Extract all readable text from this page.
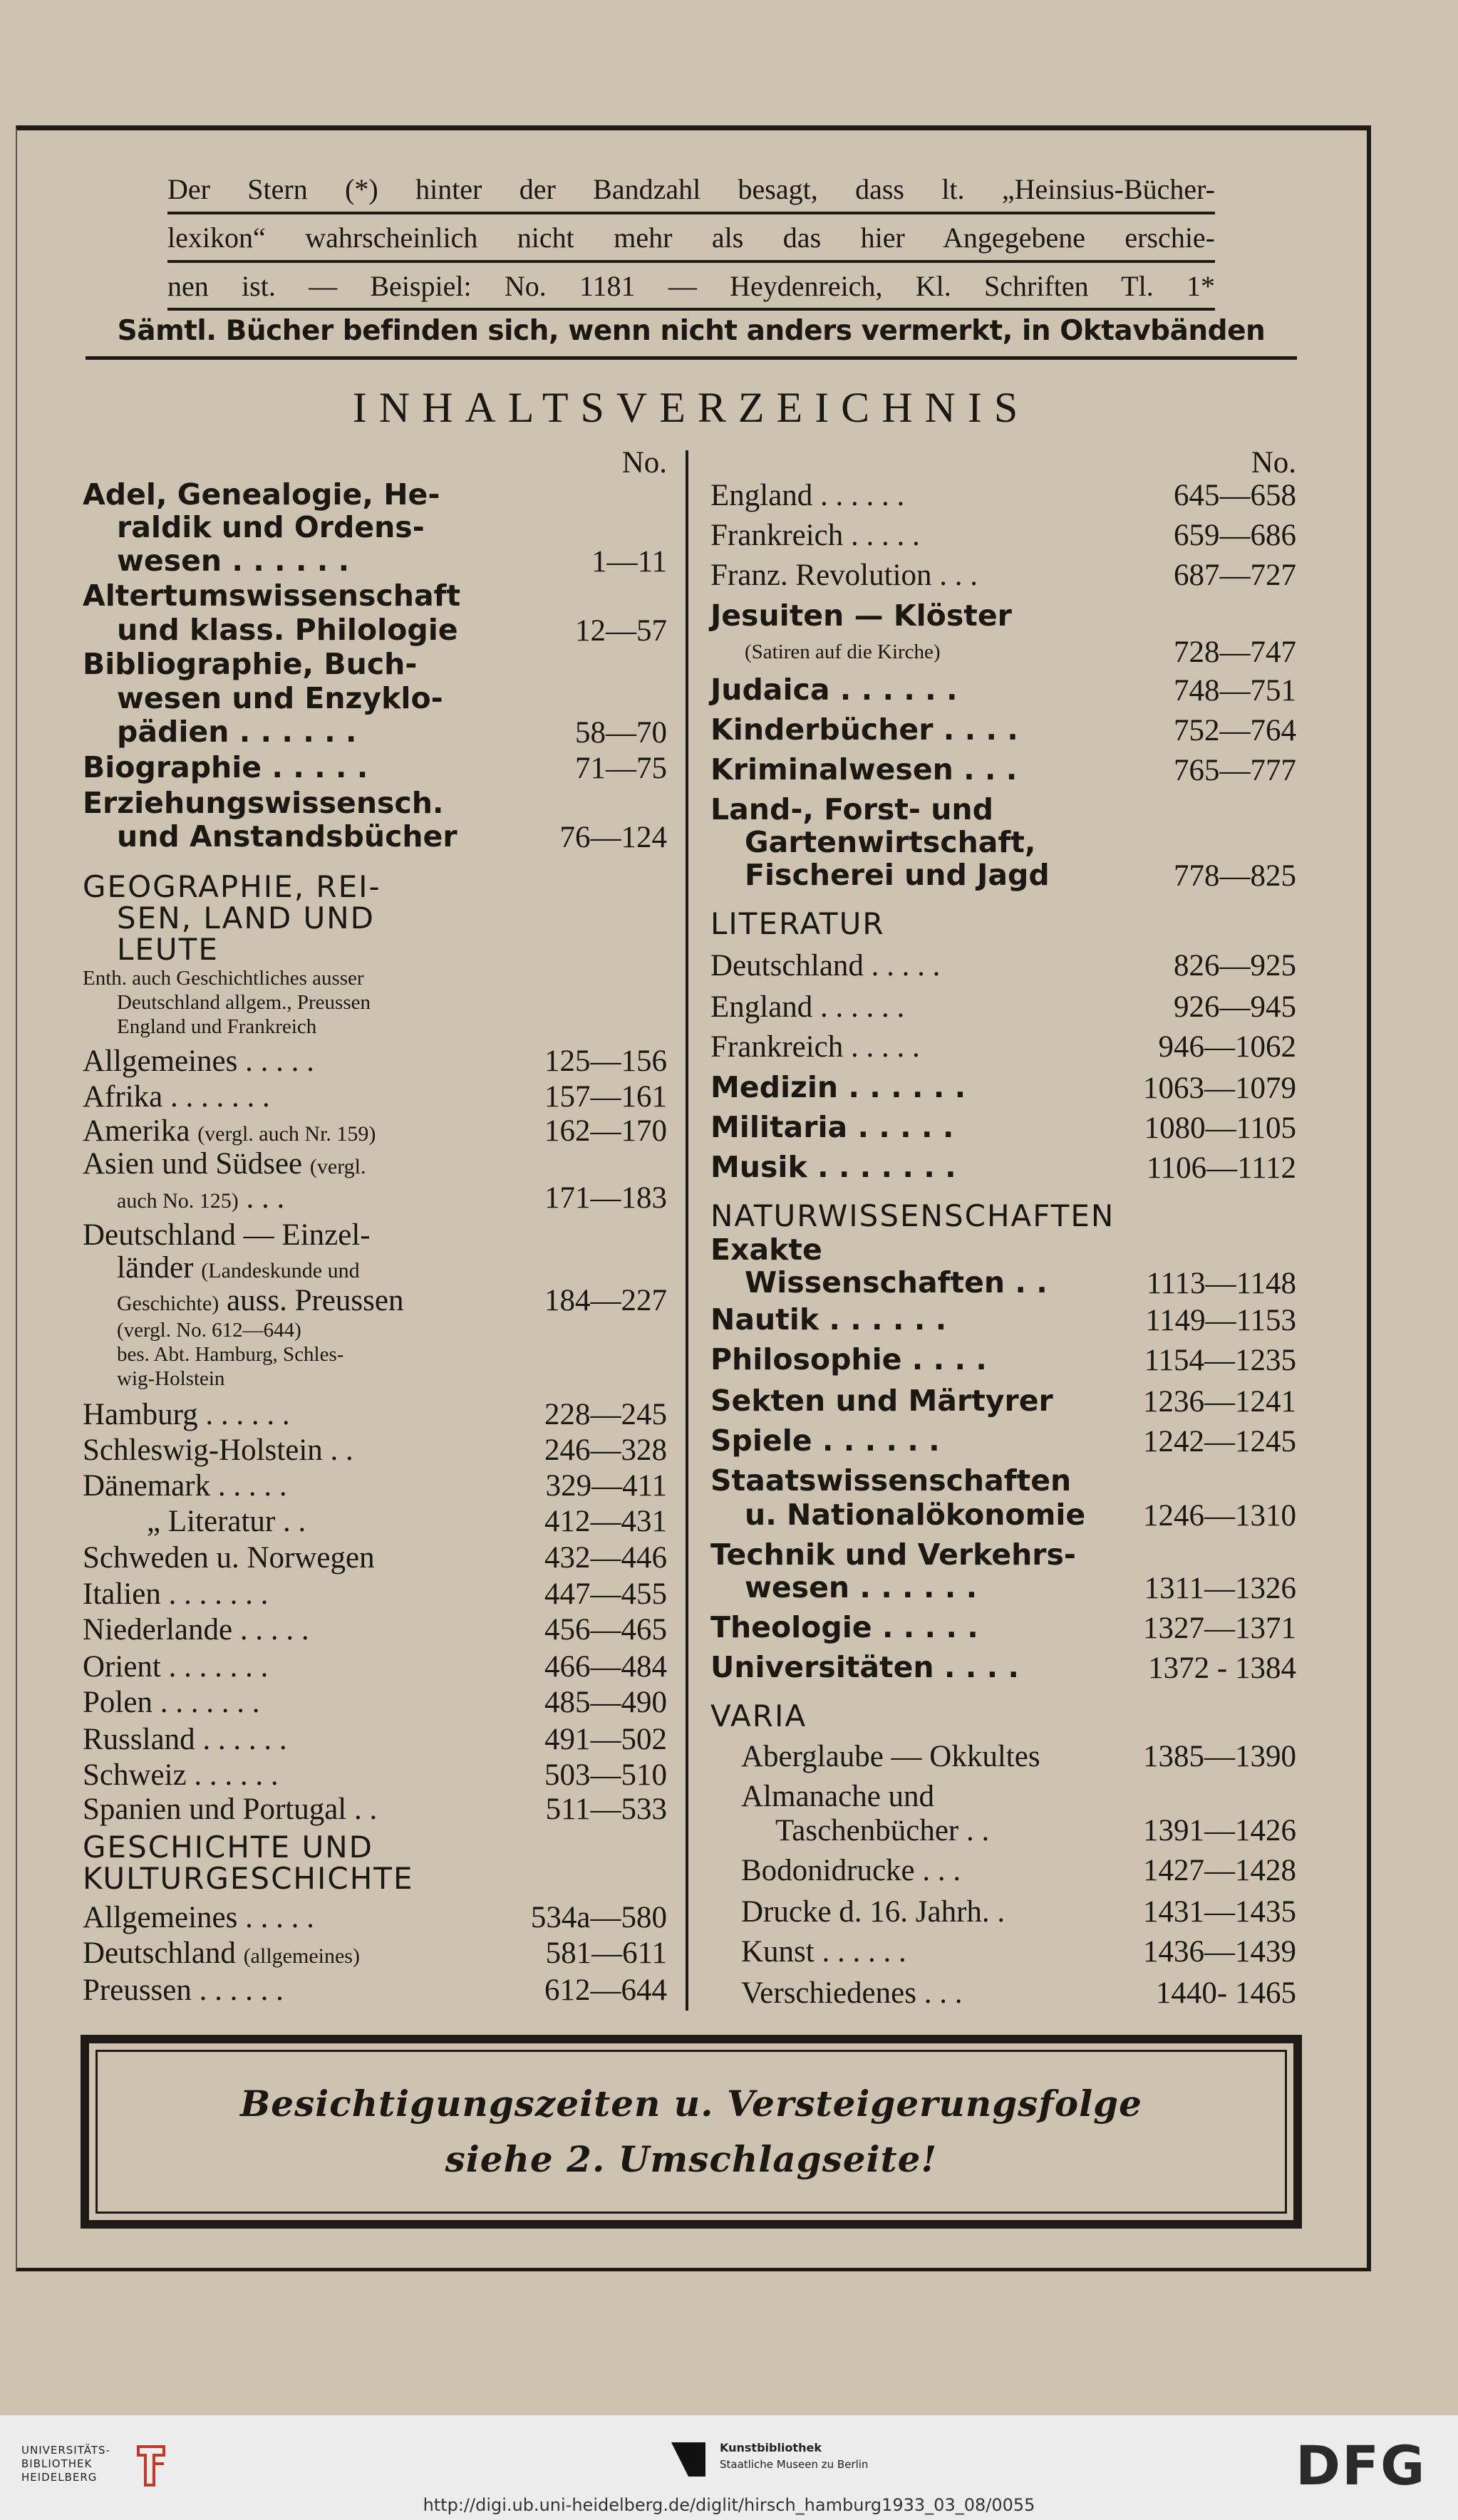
Der Stern (*) hinter der Bandzahl besagt, dass lt. „Heinsius-Bücher-
lexikon“ wahrscheinlich nicht mehr als das hier Angegebene erschie-
nen ist. — Beispiel: No. 1181 — Heydenreich, Kl. Schriften Tl. 1*
Sämtl. Bücher befinden sich, wenn nicht anders vermerkt, in Oktavbänden
INHALTSVERZEICHNIS
No.
Adel, Genealogie, He-
raldik und Ordens-
wesen . . . . . .	1—11
Altertumswissenschaft
und klass. Philologie	12—57
Bibliographie, Buch-
wesen und Enzyklo-
pädien . . . . . .	58—70
Biographie . . . . .	71—75
Erziehungswissensch.
und Anstandsbücher	76—124
GEOGRAPHIE, REI-
SEN, LAND UND
LEUTE
Enth. auch Geschichtliches ausser
Deutschland allgem., Preussen
England und Frankreich
Allgemeines . . . . .	125—156
Afrika . . . . . . .	157—161
Amerika (vergl. auch Nr. 159)	162—170
Asien und Südsee (vergl.
auch No. 125) . . .	171—183
Deutschland — Einzel-
länder (Landeskunde und
Geschichte) auss. Preussen	184—227
(vergl. No. 612—644)
bes. Abt. Hamburg, Schles-
wig-Holstein
Hamburg . . . . . .	228—245
Schleswig-Holstein . .	246—328
Dänemark . . . . .	329—411
„ Literatur . .	412—431
Schweden u. Norwegen	432—446
Italien . . . . . . .	447—455
Niederlande . . . . .	456—465
Orient . . . . . . .	466—484
Polen . . . . . . .	485—490
Russland . . . . . .	491—502
Schweiz . . . . . .	503—510
Spanien und Portugal . .	511—533
GESCHICHTE UND
KULTURGESCHICHTE
Allgemeines . . . . .	534a—580
Deutschland (allgemeines)	581—611
Preussen . . . . . .	612—644
No.
England . . . . . .	645—658
Frankreich . . . . .	659—686
Franz. Revolution . . .	687—727
Jesuiten — Klöster
(Satiren auf die Kirche)	728—747
Judaica . . . . . .	748—751
Kinderbücher . . . .	752—764
Kriminalwesen . . .	765—777
Land-, Forst- und
Gartenwirtschaft,
Fischerei und Jagd	778—825
LITERATUR
Deutschland . . . . .	826—925
England . . . . . .	926—945
Frankreich . . . . .	946—1062
Medizin . . . . . .	1063—1079
Militaria . . . . .	1080—1105
Musik . . . . . . .	1106—1112
NATURWISSENSCHAFTEN
Exakte
Wissenschaften . .	1113—1148
Nautik . . . . . .	1149—1153
Philosophie . . . .	1154—1235
Sekten und Märtyrer	1236—1241
Spiele . . . . . .	1242—1245
Staatswissenschaften
u. Nationalökonomie 1246—1310
Technik und Verkehrs-
wesen . . . . . .	1311—1326
Theologie . . . . .	1327—1371
Universitäten . . . .	1372 - 1384
VARIA
Aberglaube — Okkultes	1385—1390
Almanache und
Taschenbücher . .	1391—1426
Bodonidrucke . . .	1427—1428
Drucke d. 16. Jahrh. .	1431—1435
Kunst . . . . . .	1436—1439
Verschiedenes . . .	1440- 1465
Besichtigungszeiten u. Versteigerungsfolge
siehe 2. Umschlagseite!
UNIVERSITÄTS-
BIBLIOTHEK
HEIDELBERG
Kunstbibliothek
Staatliche Museen zu Berlin	DFG
http://digi.ub.uni-heidelberg.de/diglit/hirsch_hamburg1933_03_08/0055
